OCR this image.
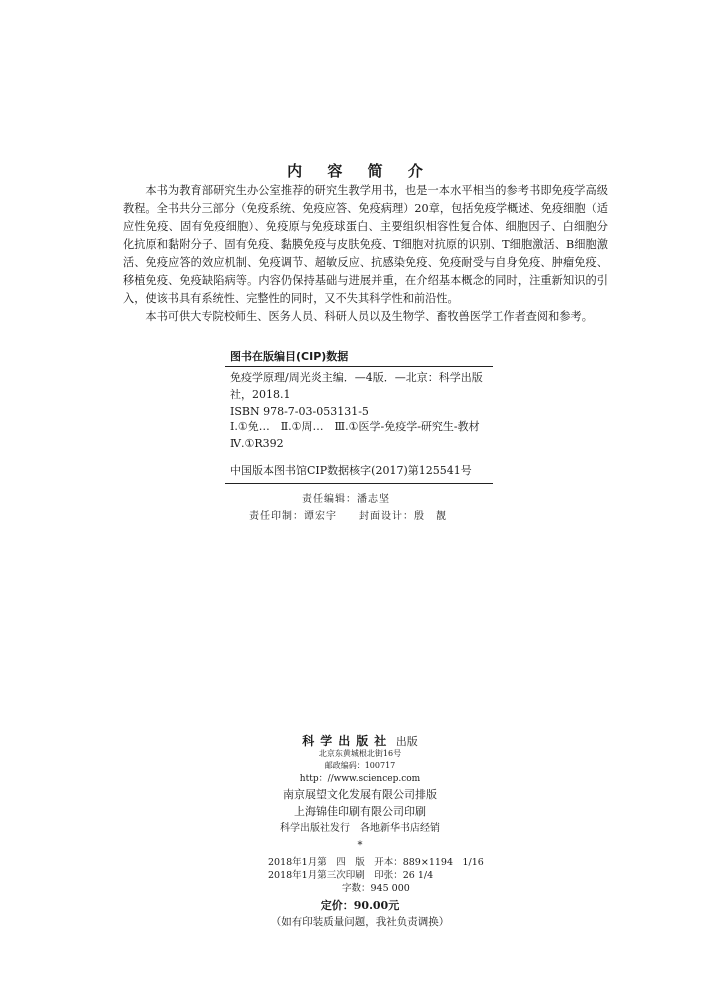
内 容 简 介

本书为教育部研究生办公室推荐的研究生教学用书，也是一本水平相当的参考书即免疫学高级教程。全书共分三部分（免疫系统、免疫应答、免疫病理）20章，包括免疫学概述、免疫细胞（适应性免疫、固有免疫细胞）、免疫原与免疫球蛋白、主要组织相容性复合体、细胞因子、白细胞分化抗原和黏附分子、固有免疫、黏膜免疫与皮肤免疫、T细胞对抗原的识别、T细胞激活、B细胞激活、免疫应答的效应机制、免疫调节、超敏反应、抗感染免疫、免疫耐受与自身免疫、肿瘤免疫、移植免疫、免疫缺陷病等。内容仍保持基础与进展并重，在介绍基本概念的同时，注重新知识的引入，使该书具有系统性、完整性的同时，又不失其科学性和前沿性。

本书可供大专院校师生、医务人员、科研人员以及生物学、畜牧兽医学工作者查阅和参考。

图书在版编目(CIP)数据

免疫学原理/周光炎主编．—4版．—北京：科学出版社，2018.1

ISBN 978-7-03-053131-5

Ⅰ.①免…　Ⅱ.①周…　Ⅲ.①医学-免疫学-研究生-教材　Ⅳ.①R392

中国版本图书馆CIP数据核字(2017)第125541号
责任编辑：潘志坚
责任印制：谭宏宇　　封面设计：殷　靓
科学出版社 出版
北京东黄城根北街16号
邮政编码：100717
http：//www.sciencep.com
南京展望文化发展有限公司排版
上海锦佳印刷有限公司印刷
科学出版社发行　各地新华书店经销
*

2018年1月第　四　版　开本：889×1194　1/16

2018年1月第三次印刷　印张：26 1/4

字数：945 000

定价：90.00元
（如有印装质量问题，我社负责调换）
